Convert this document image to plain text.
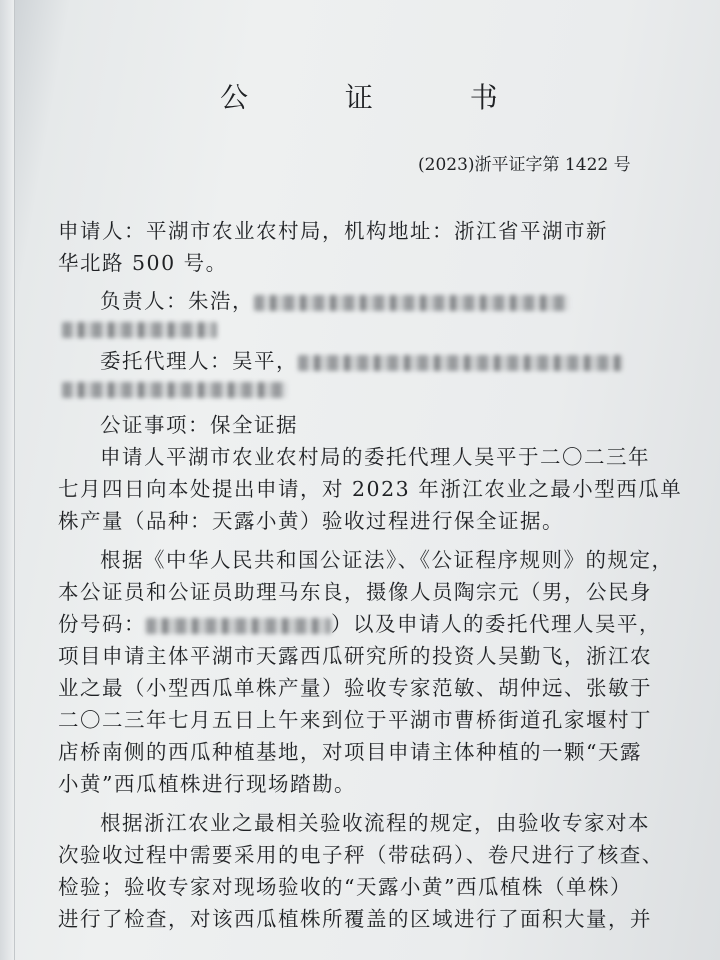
公 证 书
(2023)浙平证字第 1422 号
申请人：平湖市农业农村局，机构地址：浙江省平湖市新
华北路 500 号。
负责人：朱浩，
委托代理人：吴平，
公证事项：保全证据
申请人平湖市农业农村局的委托代理人吴平于二〇二三年
七月四日向本处提出申请，对 2023 年浙江农业之最小型西瓜单
株产量（品种：天露小黄）验收过程进行保全证据。
根据《中华人民共和国公证法》、《公证程序规则》的规定，
本公证员和公证员助理马东良，摄像人员陶宗元（男，公民身
份号码：	）以及申请人的委托代理人吴平，
项目申请主体平湖市天露西瓜研究所的投资人吴勤飞，浙江农
业之最（小型西瓜单株产量）验收专家范敏、胡仲远、张敏于
二〇二三年七月五日上午来到位于平湖市曹桥街道孔家堰村丁
店桥南侧的西瓜种植基地，对项目申请主体种植的一颗“天露
小黄”西瓜植株进行现场踏勘。
根据浙江农业之最相关验收流程的规定，由验收专家对本
次验收过程中需要采用的电子秤（带砝码）、卷尺进行了核查、
检验；验收专家对现场验收的“天露小黄”西瓜植株（单株）
进行了检查，对该西瓜植株所覆盖的区域进行了面积大量，并
